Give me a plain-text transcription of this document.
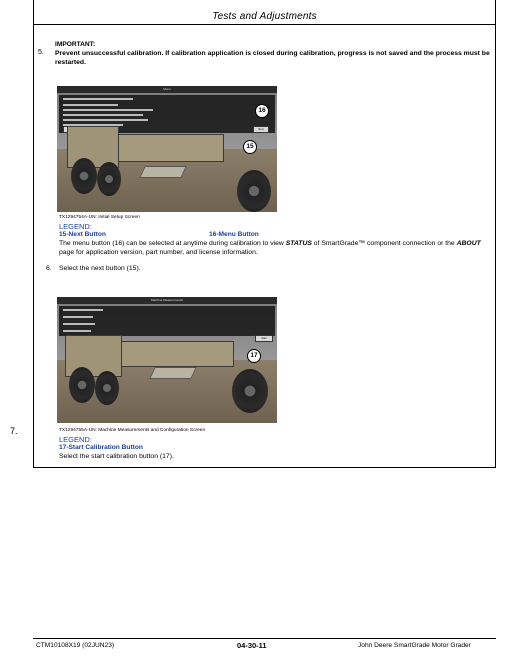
Tests and Adjustments
IMPORTANT:
5. Prevent unsuccessful calibration. If calibration application is closed during calibration, progress is not saved and the process must be restarted.
Menu
Next
16
15
TX1294754A-UN: Initial Setup Screen
LEGEND:
15-Next Button	16-Menu Button
The menu button (16) can be selected at anytime during calibration to view STATUS of SmartGrade™ component connection or the ABOUT page for application version, part number, and license information.
6. Select the next button (15).
Machine Measurements
Start
17
TX1294755A-UN: Machine Measurements and Configuration Screen
LEGEND:
17-Start Calibration Button
Select the start calibration button (17).
7.
CTM10108X19 (02JUN23)	04-30-11	John Deere SmartGrade Motor Grader
